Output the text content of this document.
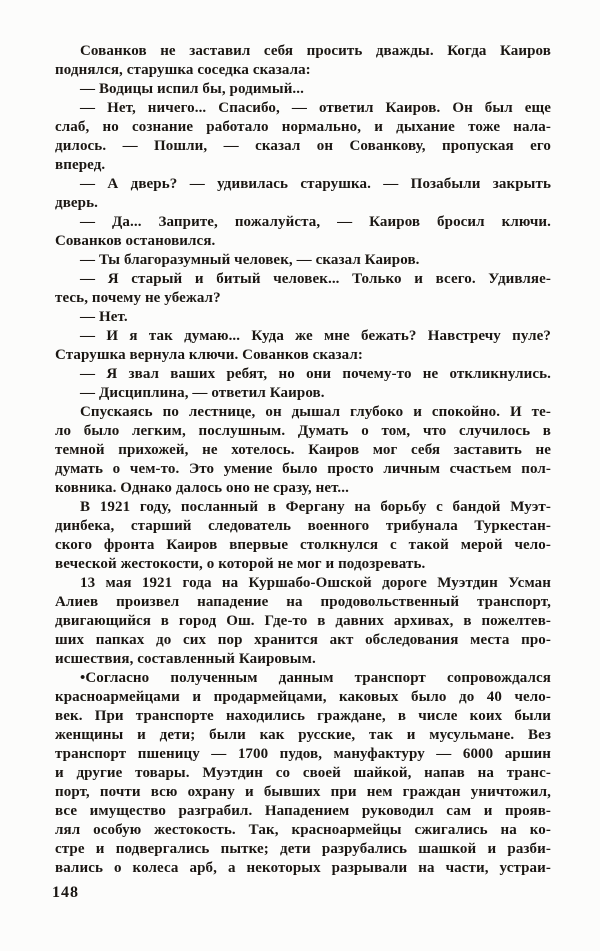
Сованков не заставил себя просить дважды. Когда Каиров
поднялся, старушка соседка сказала:
— Водицы испил бы, родимый...
— Нет, ничего... Спасибо, — ответил Каиров. Он был еще
слаб, но сознание работало нормально, и дыхание тоже нала-
дилось. — Пошли, — сказал он Сованкову, пропуская его
вперед.
— А дверь? — удивилась старушка. — Позабыли закрыть
дверь.
— Да... Заприте, пожалуйста, — Каиров бросил ключи.
Сованков остановился.
— Ты благоразумный человек, — сказал Каиров.
— Я старый и битый человек... Только и всего. Удивляе-
тесь, почему не убежал?
— Нет.
— И я так думаю... Куда же мне бежать? Навстречу пуле?
Старушка вернула ключи. Сованков сказал:
— Я звал ваших ребят, но они почему-то не откликнулись.
— Дисциплина, — ответил Каиров.
Спускаясь по лестнице, он дышал глубоко и спокойно. И те-
ло было легким, послушным. Думать о том, что случилось в
темной прихожей, не хотелось. Каиров мог себя заставить не
думать о чем-то. Это умение было просто личным счастьем пол-
ковника. Однако далось оно не сразу, нет...
В 1921 году, посланный в Фергану на борьбу с бандой Муэт-
динбека, старший следователь военного трибунала Туркестан-
ского фронта Каиров впервые столкнулся с такой мерой чело-
веческой жестокости, о которой не мог и подозревать.
13 мая 1921 года на Куршабо-Ошской дороге Муэтдин Усман
Алиев произвел нападение на продовольственный транспорт,
двигающийся в город Ош. Где-то в давних архивах, в пожелтев-
ших папках до сих пор хранится акт обследования места про-
исшествия, составленный Каировым.
•Согласно полученным данным транспорт сопровождался
красноармейцами и продармейцами, каковых было до 40 чело-
век. При транспорте находились граждане, в числе коих были
женщины и дети; были как русские, так и мусульмане. Вез
транспорт пшеницу — 1700 пудов, мануфактуру — 6000 аршин
и другие товары. Муэтдин со своей шайкой, напав на транс-
порт, почти всю охрану и бывших при нем граждан уничтожил,
все имущество разграбил. Нападением руководил сам и прояв-
лял особую жестокость. Так, красноармейцы сжигались на ко-
стре и подвергались пытке; дети разрубались шашкой и разби-
вались о колеса арб, а некоторых разрывали на части, устраи-
148
